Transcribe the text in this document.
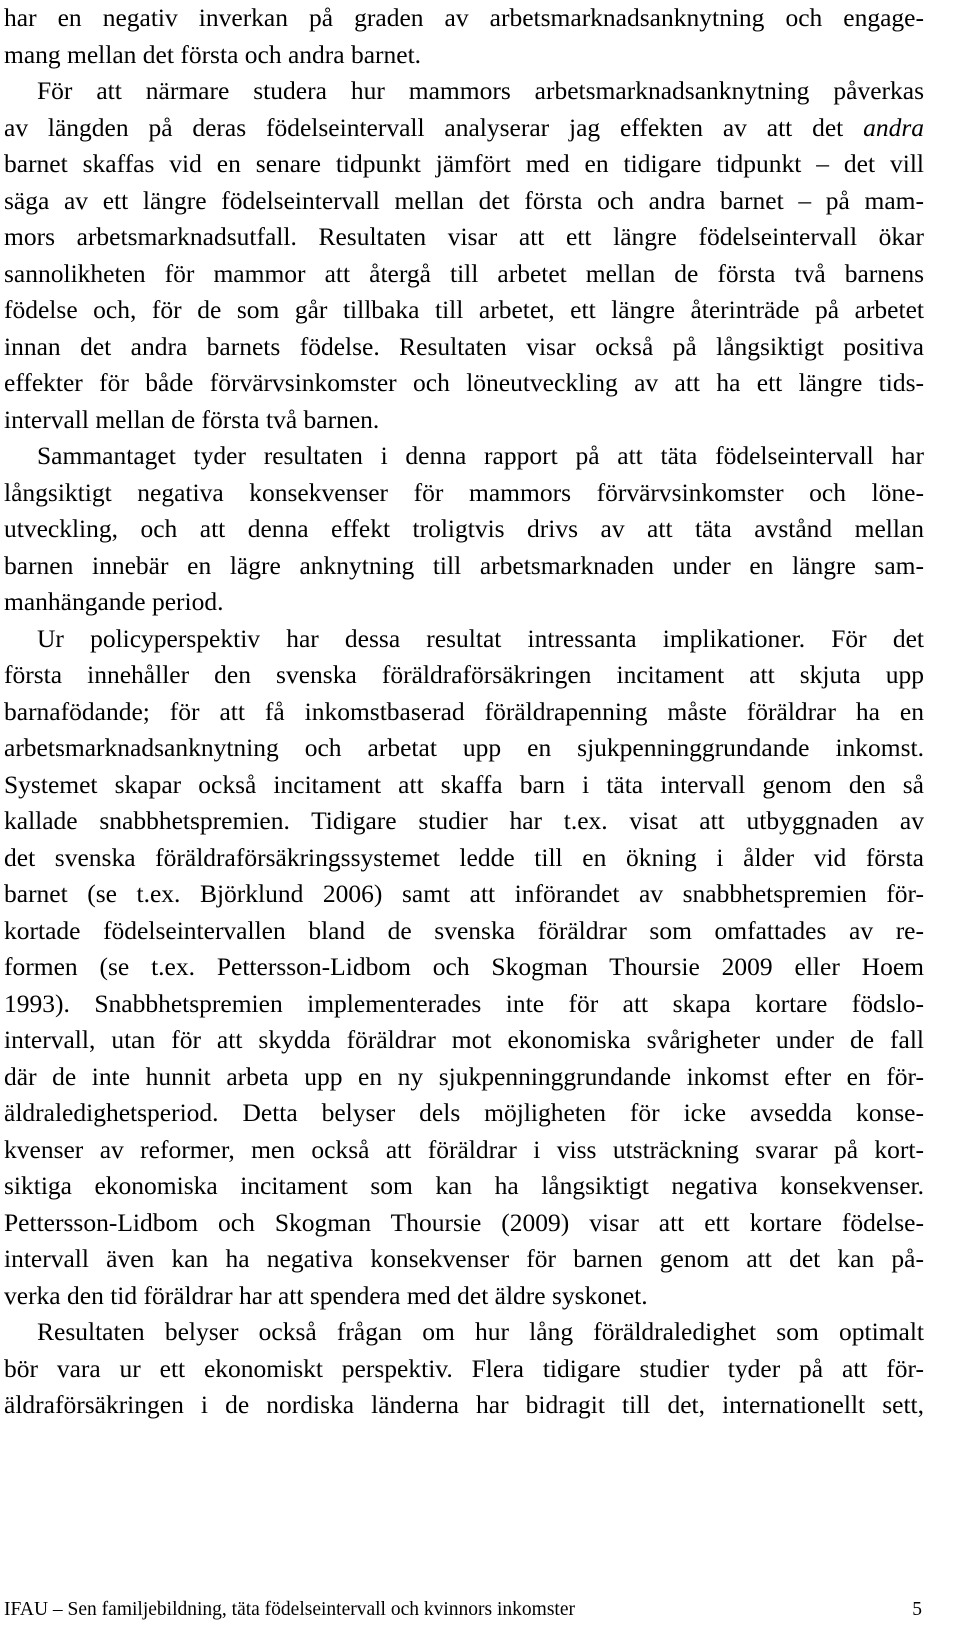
har en negativ inverkan på graden av arbetsmarknadsanknytning och engage-
mang mellan det första och andra barnet.
För att närmare studera hur mammors arbetsmarknadsanknytning påverkas
av längden på deras födelseintervall analyserar jag effekten av att det andra
barnet skaffas vid en senare tidpunkt jämfört med en tidigare tidpunkt – det vill
säga av ett längre födelseintervall mellan det första och andra barnet – på mam-
mors arbetsmarknadsutfall. Resultaten visar att ett längre födelseintervall ökar
sannolikheten för mammor att återgå till arbetet mellan de första två barnens
födelse och, för de som går tillbaka till arbetet, ett längre återinträde på arbetet
innan det andra barnets födelse. Resultaten visar också på långsiktigt positiva
effekter för både förvärvsinkomster och löneutveckling av att ha ett längre tids-
intervall mellan de första två barnen.
Sammantaget tyder resultaten i denna rapport på att täta födelseintervall har
långsiktigt negativa konsekvenser för mammors förvärvsinkomster och löne-
utveckling, och att denna effekt troligtvis drivs av att täta avstånd mellan
barnen innebär en lägre anknytning till arbetsmarknaden under en längre sam-
manhängande period.
Ur policyperspektiv har dessa resultat intressanta implikationer. För det
första innehåller den svenska föräldraförsäkringen incitament att skjuta upp
barnafödande; för att få inkomstbaserad föräldrapenning måste föräldrar ha en
arbetsmarknadsanknytning och arbetat upp en sjukpenninggrundande inkomst.
Systemet skapar också incitament att skaffa barn i täta intervall genom den så
kallade snabbhetspremien. Tidigare studier har t.ex. visat att utbyggnaden av
det svenska föräldraförsäkringssystemet ledde till en ökning i ålder vid första
barnet (se t.ex. Björklund 2006) samt att införandet av snabbhetspremien för-
kortade födelseintervallen bland de svenska föräldrar som omfattades av re-
formen (se t.ex. Pettersson-Lidbom och Skogman Thoursie 2009 eller Hoem
1993). Snabbhetspremien implementerades inte för att skapa kortare födslo-
intervall, utan för att skydda föräldrar mot ekonomiska svårigheter under de fall
där de inte hunnit arbeta upp en ny sjukpenninggrundande inkomst efter en för-
äldraledighetsperiod. Detta belyser dels möjligheten för icke avsedda konse-
kvenser av reformer, men också att föräldrar i viss utsträckning svarar på kort-
siktiga ekonomiska incitament som kan ha långsiktigt negativa konsekvenser.
Pettersson-Lidbom och Skogman Thoursie (2009) visar att ett kortare födelse-
intervall även kan ha negativa konsekvenser för barnen genom att det kan på-
verka den tid föräldrar har att spendera med det äldre syskonet.
Resultaten belyser också frågan om hur lång föräldraledighet som optimalt
bör vara ur ett ekonomiskt perspektiv. Flera tidigare studier tyder på att för-
äldraförsäkringen i de nordiska länderna har bidragit till det, internationellt sett,
IFAU – Sen familjebildning, täta födelseintervall och kvinnors inkomster	5
